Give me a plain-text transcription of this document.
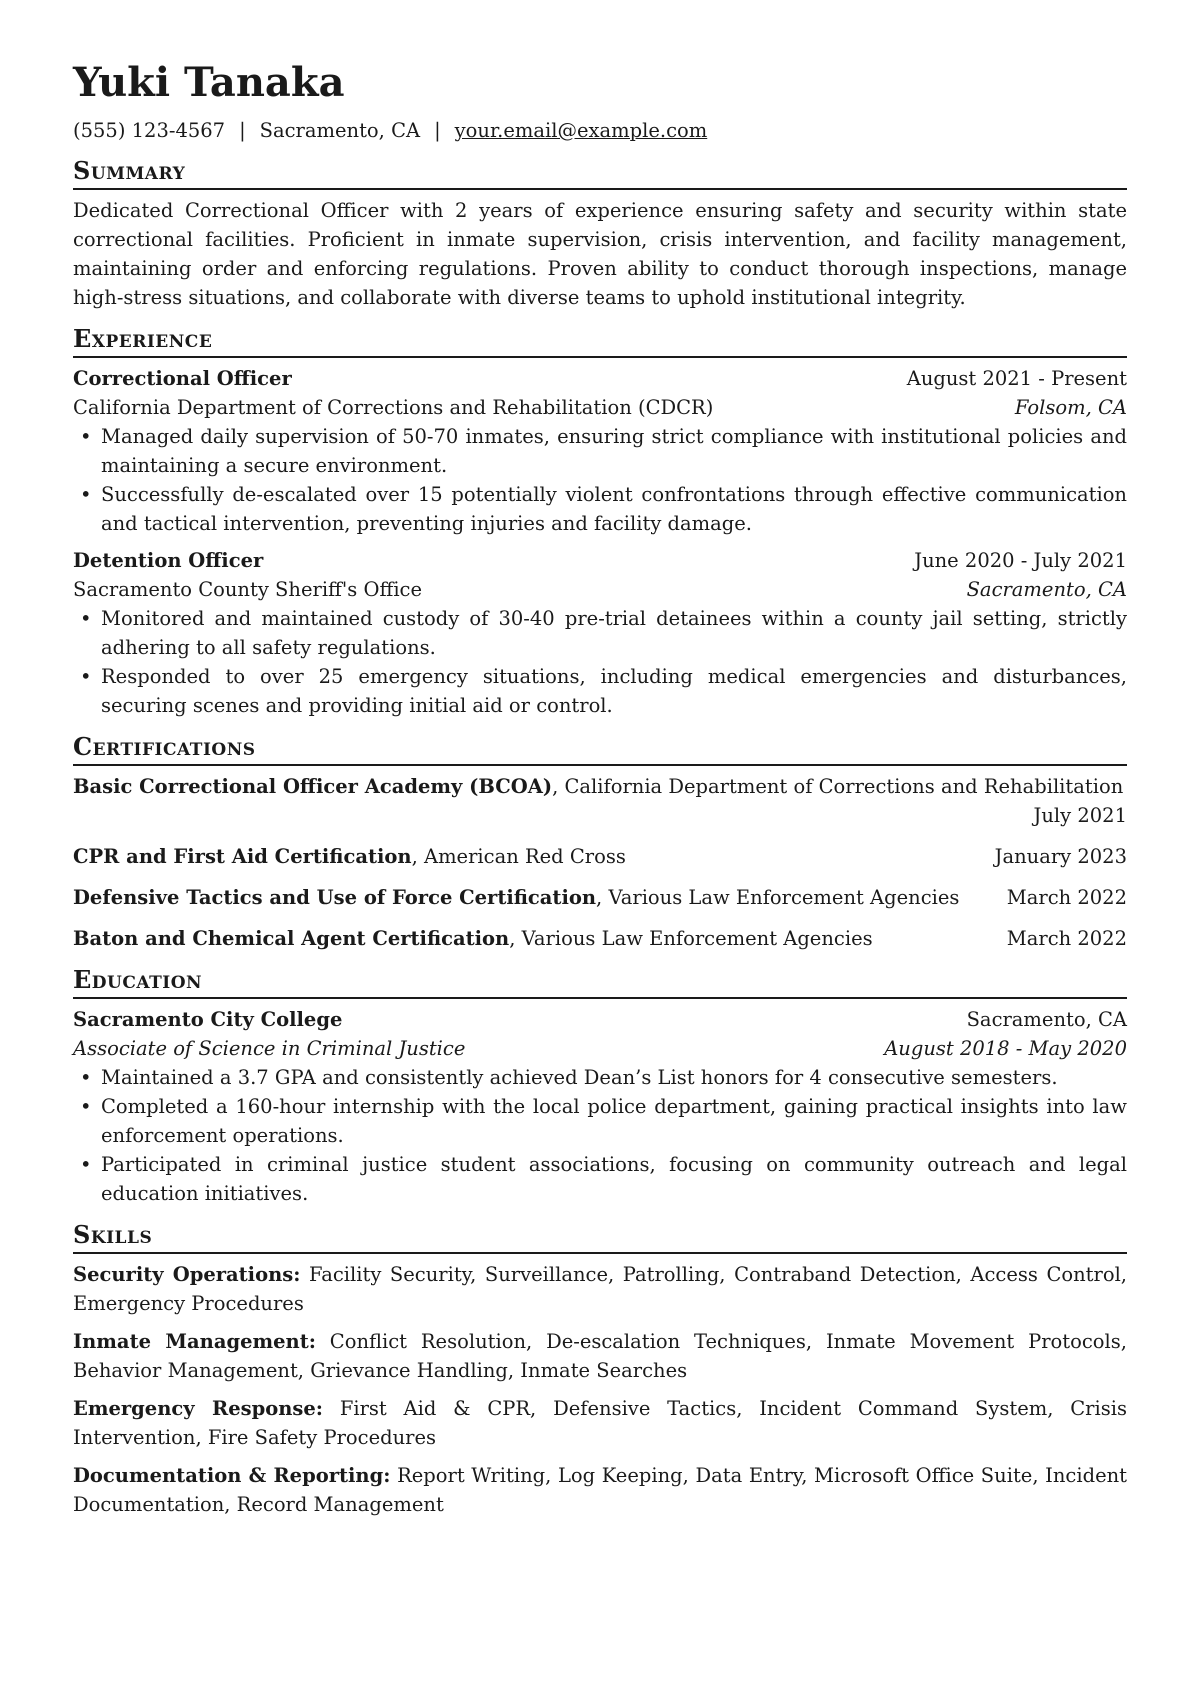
Yuki Tanaka
(555) 123-4567 | Sacramento, CA | your.email@example.com
Summary
Dedicated Correctional Officer with 2 years of experience ensuring safety and security within state correctional facilities. Proficient in inmate supervision, crisis intervention, and facility management, maintaining order and enforcing regulations. Proven ability to conduct thorough inspections, manage high-stress situations, and collaborate with diverse teams to uphold institutional integrity.
Experience
Correctional Officer	August 2021 - Present
California Department of Corrections and Rehabilitation (CDCR)	Folsom, CA
• Managed daily supervision of 50-70 inmates, ensuring strict compliance with institutional policies and maintaining a secure environment.
• Successfully de-escalated over 15 potentially violent confrontations through effective communication and tactical intervention, preventing injuries and facility damage.
Detention Officer	June 2020 - July 2021
Sacramento County Sheriff's Office	Sacramento, CA
• Monitored and maintained custody of 30-40 pre-trial detainees within a county jail setting, strictly adhering to all safety regulations.
• Responded to over 25 emergency situations, including medical emergencies and disturbances, securing scenes and providing initial aid or control.
Certifications
Basic Correctional Officer Academy (BCOA), California Department of Corrections and Rehabilitation
July 2021
CPR and First Aid Certification, American Red Cross	January 2023
Defensive Tactics and Use of Force Certification, Various Law Enforcement Agencies March 2022
Baton and Chemical Agent Certification, Various Law Enforcement Agencies	March 2022
Education
Sacramento City College	Sacramento, CA
Associate of Science in Criminal Justice	August 2018 - May 2020
• Maintained a 3.7 GPA and consistently achieved Dean’s List honors for 4 consecutive semesters.
• Completed a 160-hour internship with the local police department, gaining practical insights into law enforcement operations.
• Participated in criminal justice student associations, focusing on community outreach and legal education initiatives.
Skills
Security Operations: Facility Security, Surveillance, Patrolling, Contraband Detection, Access Control, Emergency Procedures
Inmate Management: Conflict Resolution, De-escalation Techniques, Inmate Movement Protocols, Behavior Management, Grievance Handling, Inmate Searches
Emergency Response: First Aid & CPR, Defensive Tactics, Incident Command System, Crisis Intervention, Fire Safety Procedures
Documentation & Reporting: Report Writing, Log Keeping, Data Entry, Microsoft Office Suite, Incident Documentation, Record Management
